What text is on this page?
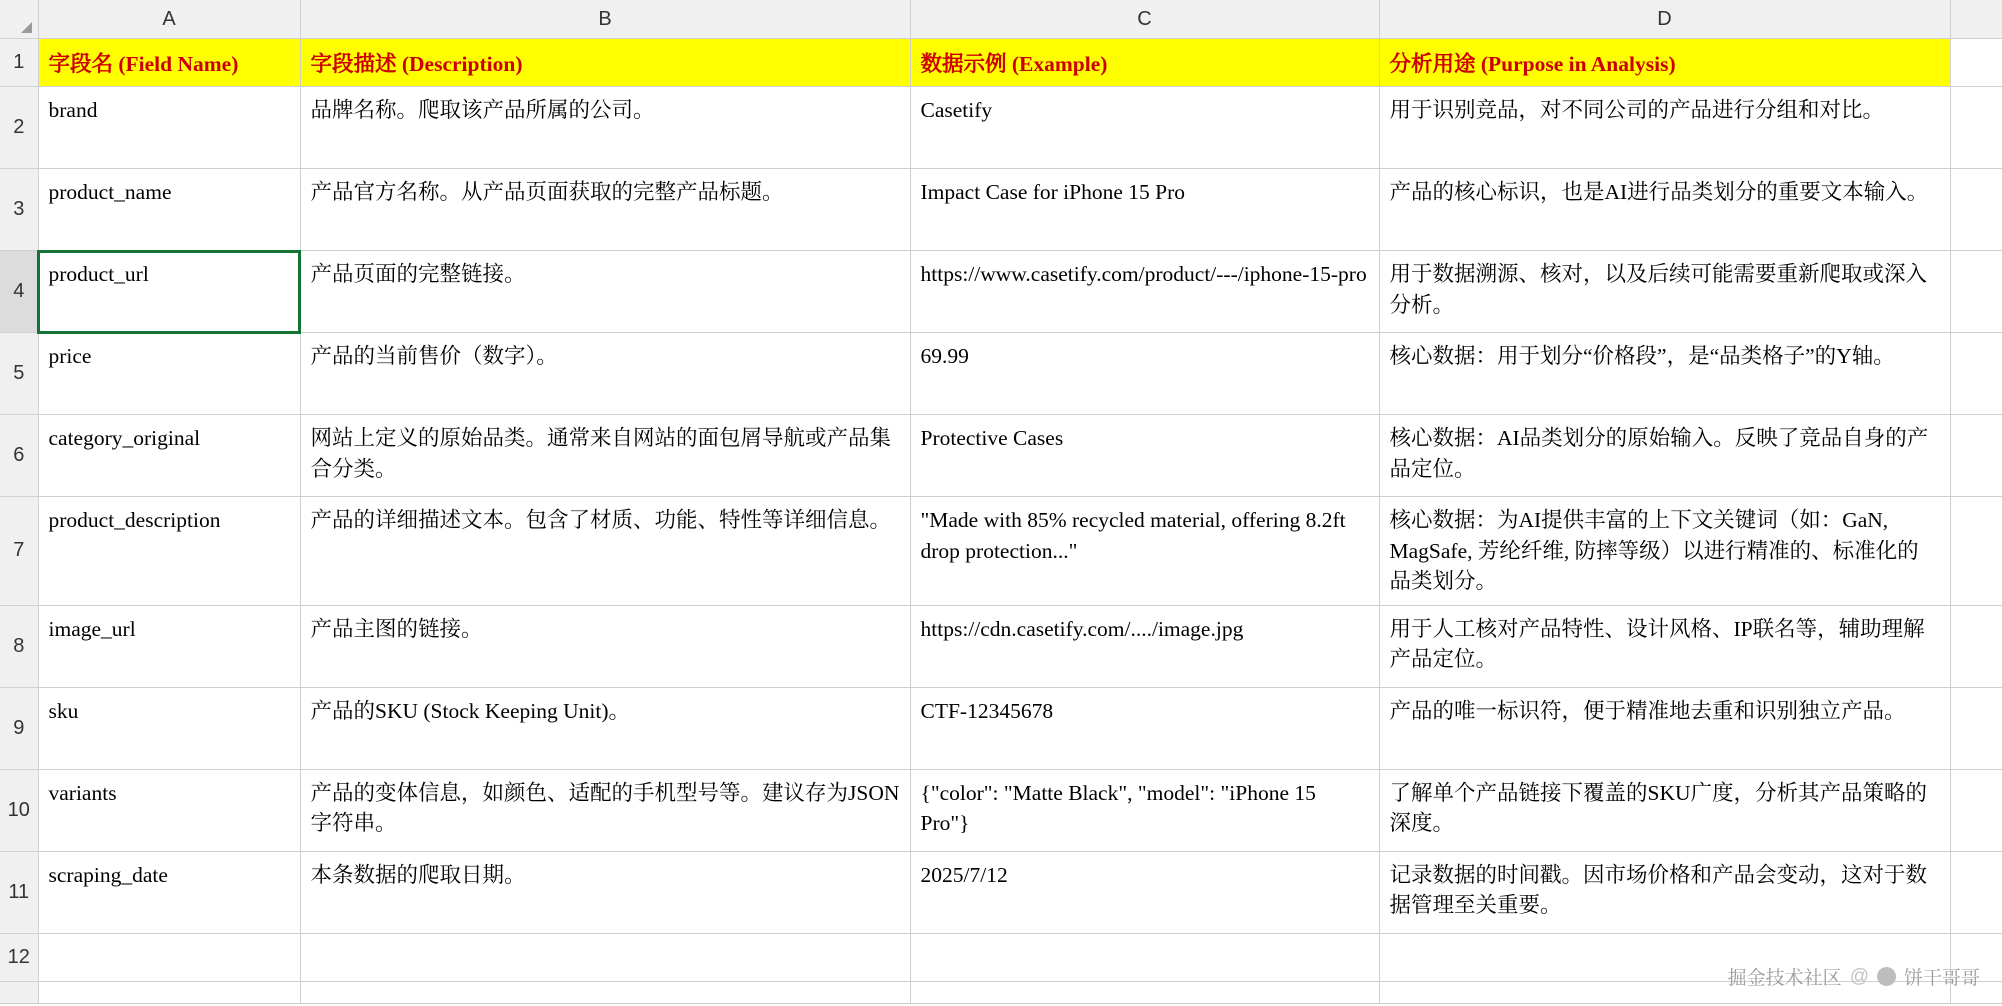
	A	B	C	D	
1	字段名 (Field Name)	字段描述 (Description)	数据示例 (Example)	分析用途 (Purpose in Analysis)	
2	brand	品牌名称。爬取该产品所属的公司。	Casetify	用于识别竞品，对不同公司的产品进行分组和对比。	
3	product_name	产品官方名称。从产品页面获取的完整产品标题。	Impact Case for iPhone 15 Pro	产品的核心标识，也是AI进行品类划分的重要文本输入。	
4	product_url	产品页面的完整链接。	https://www.casetify.com/product/---/iphone-15-pro	用于数据溯源、核对，以及后续可能需要重新爬取或深入分析。	
5	price	产品的当前售价（数字）。	69.99	核心数据：用于划分“价格段”，是“品类格子”的Y轴。	
6	category_original	网站上定义的原始品类。通常来自网站的面包屑导航或产品集合分类。	Protective Cases	核心数据：AI品类划分的原始输入。反映了竞品自身的产品定位。	
7	product_description	产品的详细描述文本。包含了材质、功能、特性等详细信息。	"Made with 85% recycled material, offering 8.2ft drop protection..."	核心数据：为AI提供丰富的上下文关键词（如：GaN, MagSafe, 芳纶纤维, 防摔等级）以进行精准的、标准化的品类划分。	
8	image_url	产品主图的链接。	https://cdn.casetify.com/..../image.jpg	用于人工核对产品特性、设计风格、IP联名等，辅助理解产品定位。	
9	sku	产品的SKU (Stock Keeping Unit)。	CTF-12345678	产品的唯一标识符，便于精准地去重和识别独立产品。	
10	variants	产品的变体信息，如颜色、适配的手机型号等。建议存为JSON字符串。	{"color": "Matte Black", "model": "iPhone 15 Pro"}	了解单个产品链接下覆盖的SKU广度，分析其产品策略的深度。	
11	scraping_date	本条数据的爬取日期。	2025/7/12	记录数据的时间戳。因市场价格和产品会变动，这对于数据管理至关重要。	
12					

掘金技术社区 @ 饼干哥哥
